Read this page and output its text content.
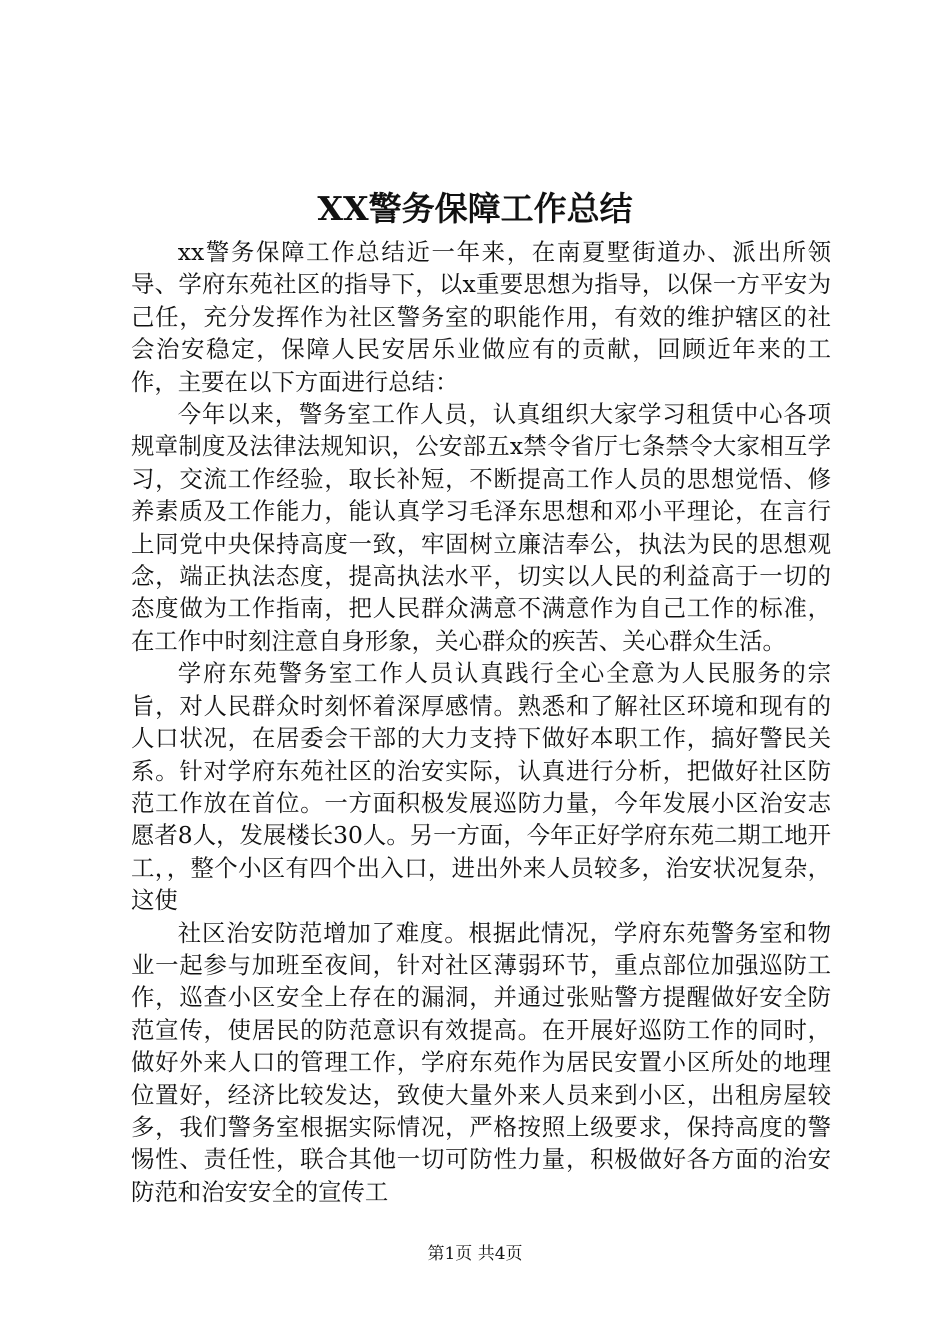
XX警务保障工作总结

xx警务保障工作总结近一年来，在南夏墅街道办、派出所领导、学府东苑社区的指导下，以x重要思想为指导，以保一方平安为己任，充分发挥作为社区警务室的职能作用，有效的维护辖区的社会治安稳定，保障人民安居乐业做应有的贡献，回顾近年来的工作，主要在以下方面进行总结：

今年以来，警务室工作人员，认真组织大家学习租赁中心各项规章制度及法律法规知识，公安部五x禁令省厅七条禁令大家相互学习，交流工作经验，取长补短，不断提高工作人员的思想觉悟、修养素质及工作能力，能认真学习毛泽东思想和邓小平理论，在言行上同党中央保持高度一致，牢固树立廉洁奉公，执法为民的思想观念，端正执法态度，提高执法水平，切实以人民的利益高于一切的态度做为工作指南，把人民群众满意不满意作为自己工作的标准，在工作中时刻注意自身形象，关心群众的疾苦、关心群众生活。

学府东苑警务室工作人员认真践行全心全意为人民服务的宗旨，对人民群众时刻怀着深厚感情。熟悉和了解社区环境和现有的人口状况，在居委会干部的大力支持下做好本职工作，搞好警民关系。针对学府东苑社区的治安实际，认真进行分析，把做好社区防范工作放在首位。一方面积极发展巡防力量，今年发展小区治安志愿者8人，发展楼长30人。另一方面，今年正好学府东苑二期工地开工，，整个小区有四个出入口，进出外来人员较多，治安状况复杂，这使

社区治安防范增加了难度。根据此情况，学府东苑警务室和物业一起参与加班至夜间，针对社区薄弱环节，重点部位加强巡防工作，巡查小区安全上存在的漏洞，并通过张贴警方提醒做好安全防范宣传，使居民的防范意识有效提高。在开展好巡防工作的同时，做好外来人口的管理工作，学府东苑作为居民安置小区所处的地理位置好，经济比较发达，致使大量外来人员来到小区，出租房屋较多，我们警务室根据实际情况，严格按照上级要求，保持高度的警惕性、责任性，联合其他一切可防性力量，积极做好各方面的治安防范和治安安全的宣传工

第1页 共4页
